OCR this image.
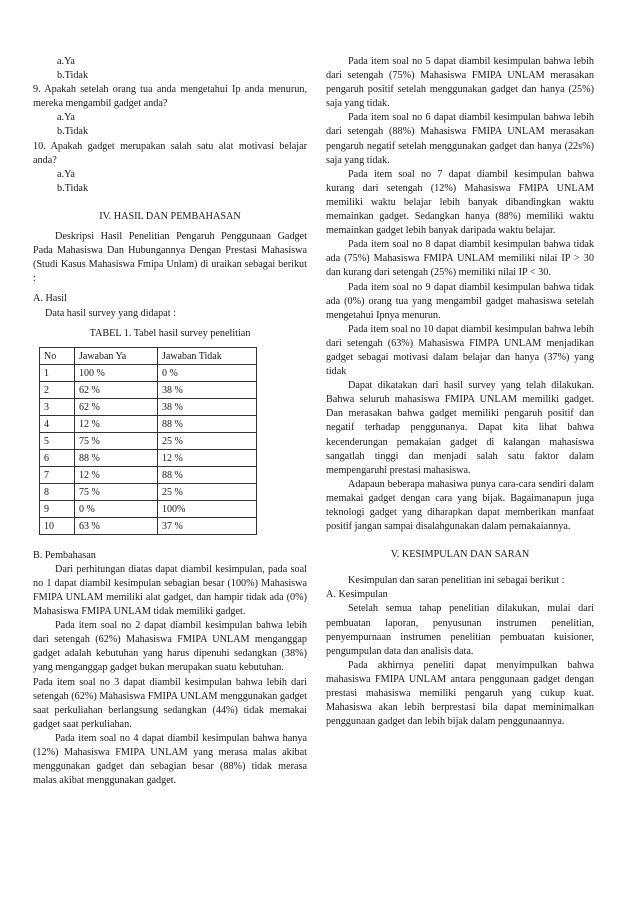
a.Ya

b.Tidak

9. Apakah setelah orang tua anda mengetahui Ip anda menurun, mereka mengambil gadget anda?

a.Ya

b.Tidak

10. Apakah gadget merupakan salah satu alat motivasi belajar anda?

a.Ya

b.Tidak

IV. HASIL DAN PEMBAHASAN

Deskripsi Hasil Penelitian Pengaruh Penggunaan Gadget Pada Mahasiswa Dan Hubungannya Dengan Prestasi Mahasiswa (Studi Kasus Mahasiswa Fmipa Unlam) di uraikan sebagai berikut :

A. Hasil

Data hasil survey yang didapat :

TABEL 1. Tabel hasil survey penelitian

No	Jawaban Ya	Jawaban Tidak
1	100 %	0 %
2	62 %	38 %
3	62 %	38 %
4	12 %	88 %
5	75 %	25 %
6	88 %	12 %
7	12 %	88 %
8	75 %	25 %
9	0 %	100%
10	63 %	37 %

B. Pembahasan

Dari perhitungan diatas dapat diambil kesimpulan, pada soal no 1 dapat diambil kesimpulan sebagian besar (100%) Mahasiswa FMIPA UNLAM memiliki alat gadget, dan hampir tidak ada (0%) Mahasiswa FMIPA UNLAM tidak memiliki gadget.

Pada item soal no 2 dapat diambil kesimpulan bahwa lebih dari setengah (62%) Mahasiswa FMIPA UNLAM menganggap gadget adalah kebutuhan yang harus dipenuhi sedangkan (38%) yang menganggap gadget bukan merupakan suatu kebutuhan.

Pada item soal no 3 dapat diambil kesimpulan bahwa lebih dari setengah (62%) Mahasiswa FMIPA UNLAM menggunakan gadget saat perkuliahan berlangsung sedangkan (44%) tidak memakai gadget saat perkuliahan.

Pada item soal no 4 dapat diambil kesimpulan bahwa hanya (12%) Mahasiswa FMIPA UNLAM yang merasa malas akibat menggunakan gadget dan sebagian besar (88%) tidak merasa malas akibat menggunakan gadget.

Pada item soal no 5 dapat diambil kesimpulan bahwa lebih dari setengah (75%) Mahasiswa FMIPA UNLAM merasakan pengaruh positif setelah menggunakan gadget dan hanya (25%) saja yang tidak.

Pada item soal no 6 dapat diambil kesimpulan bahwa lebih dari setengah (88%) Mahasiswa FMIPA UNLAM merasakan pengaruh negatif setelah menggunakan gadget dan hanya (22s%) saja yang tidak.

Pada item soal no 7 dapat diambil kesimpulan bahwa kurang dari setengah (12%) Mahasiswa FMIPA UNLAM memiliki waktu belajar lebih banyak dibandingkan waktu memainkan gadget. Sedangkan hanya (88%) memiliki waktu memainkan gadget lebih banyak daripada waktu belajar.

Pada item soal no 8 dapat diambil kesimpulan bahwa tidak ada (75%) Mahasiswa FMIPA UNLAM memiliki nilai IP > 30 dan kurang dari setengah (25%) memiliki nilai IP < 30.

Pada item soal no 9 dapat diambil kesimpulan bahwa tidak ada (0%) orang tua yang mengambil gadget mahasiswa setelah mengetahui Ipnya menurun.

Pada item soal no 10 dapat diambil kesimpulan bahwa lebih dari setengah (63%) Mahasiswa FIMPA UNLAM menjadikan gadget sebagai motivasi dalam belajar dan hanya (37%) yang tidak

Dapat dikatakan dari hasil survey yang telah dilakukan. Bahwa seluruh mahasiswa FMIPA UNLAM memiliki gadget. Dan merasakan bahwa gadget memiliki pengaruh positif dan negatif terhadap penggunanya. Dapat kita lihat bahwa kecenderungan pemakaian gadget di kalangan mahasiswa sangatlah tinggi dan menjadi salah satu faktor dalam mempengaruhi prestasi mahasiswa.

Adapaun beberapa mahasiwa punya cara-cara sendiri dalam memakai gadget dengan cara yang bijak. Bagaimanapun juga teknologi gadget yang diharapkan dapat memberikan manfaat positif jangan sampai disalahgunakan dalam pemakaiannya.

V. KESIMPULAN DAN SARAN

Kesimpulan dan saran penelitian ini sebagai berikut :

A. Kesimpulan

Setelah semua tahap penelitian dilakukan, mulai dari pembuatan laporan, penyusunan instrumen penelitian, penyempurnaan instrumen penelitian pembuatan kuisioner, pengumpulan data dan analisis data.

Pada akhirnya peneliti dapat menyimpulkan bahwa mahasiswa FMIPA UNLAM antara penggunaan gadget dengan prestasi mahasiswa memiliki pengaruh yang cukup kuat. Mahasiswa akan lebih berprestasi bila dapat meminimalkan penggunaan gadget dan lebih bijak dalam penggunaannya.
